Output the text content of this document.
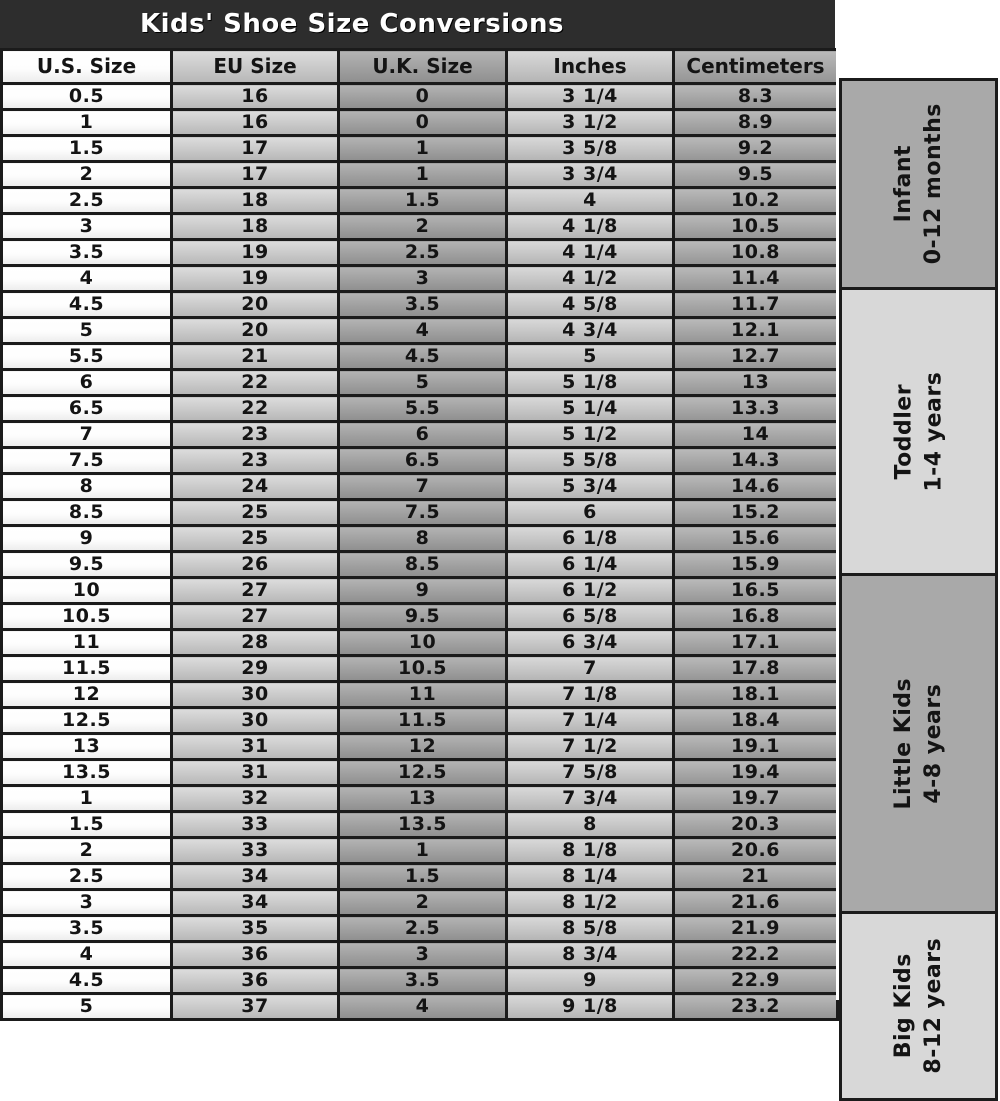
Kids' Shoe Size Conversions
U.S. Size	EU Size	U.K. Size	Inches	Centimeters
0.5	16	0	3 1/4	8.3
1	16	0	3 1/2	8.9
1.5	17	1	3 5/8	9.2
2	17	1	3 3/4	9.5
2.5	18	1.5	4	10.2
3	18	2	4 1/8	10.5
3.5	19	2.5	4 1/4	10.8
4	19	3	4 1/2	11.4
4.5	20	3.5	4 5/8	11.7
5	20	4	4 3/4	12.1
5.5	21	4.5	5	12.7
6	22	5	5 1/8	13
6.5	22	5.5	5 1/4	13.3
7	23	6	5 1/2	14
7.5	23	6.5	5 5/8	14.3
8	24	7	5 3/4	14.6
8.5	25	7.5	6	15.2
9	25	8	6 1/8	15.6
9.5	26	8.5	6 1/4	15.9
10	27	9	6 1/2	16.5
10.5	27	9.5	6 5/8	16.8
11	28	10	6 3/4	17.1
11.5	29	10.5	7	17.8
12	30	11	7 1/8	18.1
12.5	30	11.5	7 1/4	18.4
13	31	12	7 1/2	19.1
13.5	31	12.5	7 5/8	19.4
1	32	13	7 3/4	19.7
1.5	33	13.5	8	20.3
2	33	1	8 1/8	20.6
2.5	34	1.5	8 1/4	21
3	34	2	8 1/2	21.6
3.5	35	2.5	8 5/8	21.9
4	36	3	8 3/4	22.2
4.5	36	3.5	9	22.9
5	37	4	9 1/8	23.2
Infant 0-12 months
Toddler 1-4 years
Little Kids 4-8 years
Big Kids 8-12 years
